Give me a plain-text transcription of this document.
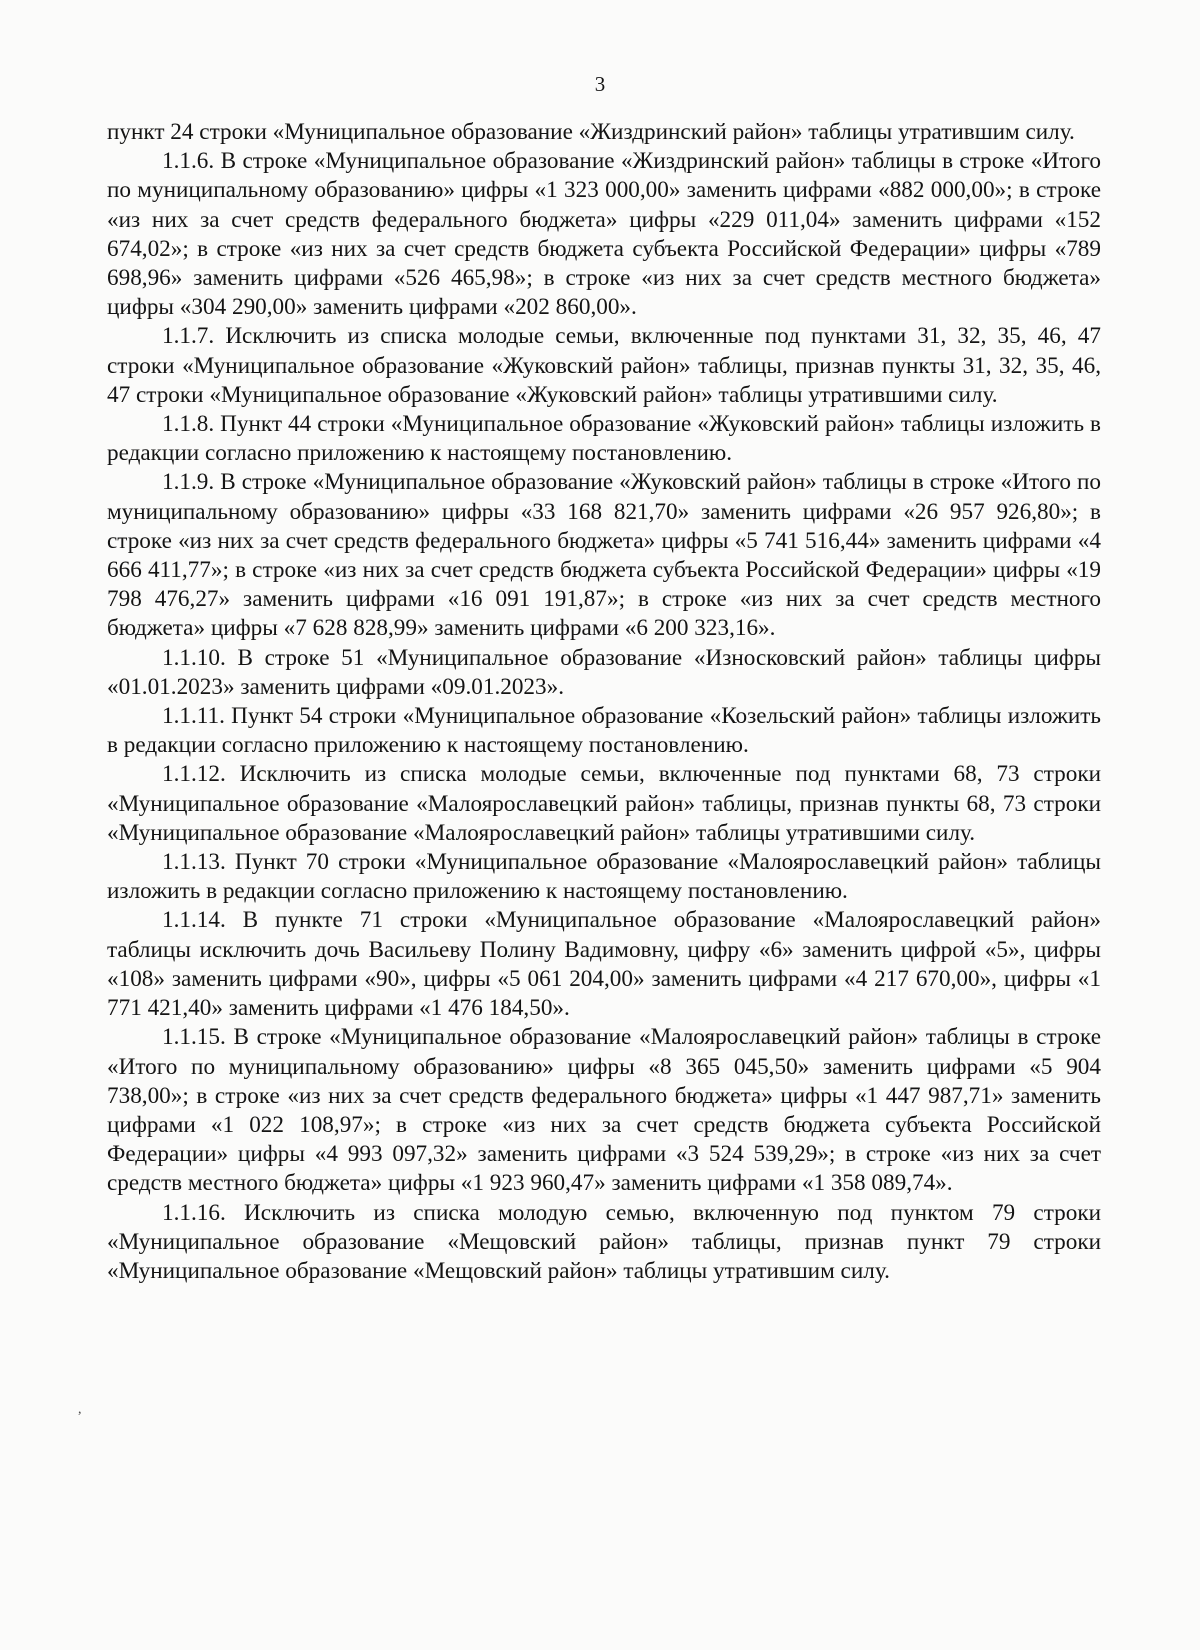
3

пункт 24 строки «Муниципальное образование «Жиздринский район» таблицы утратившим силу.

1.1.6. В строке «Муниципальное образование «Жиздринский район» таблицы в строке «Итого по муниципальному образованию» цифры «1 323 000,00» заменить цифрами «882 000,00»; в строке «из них за счет средств федерального бюджета» цифры «229 011,04» заменить цифрами «152 674,02»; в строке «из них за счет средств бюджета субъекта Российской Федерации» цифры «789 698,96» заменить цифрами «526 465,98»; в строке «из них за счет средств местного бюджета» цифры «304 290,00» заменить цифрами «202 860,00».

1.1.7. Исключить из списка молодые семьи, включенные под пунктами 31, 32, 35, 46, 47 строки «Муниципальное образование «Жуковский район» таблицы, признав пункты 31, 32, 35, 46, 47 строки «Муниципальное образование «Жуковский район» таблицы утратившими силу.

1.1.8. Пункт 44 строки «Муниципальное образование «Жуковский район» таблицы изложить в редакции согласно приложению к настоящему постановлению.

1.1.9. В строке «Муниципальное образование «Жуковский район» таблицы в строке «Итого по муниципальному образованию» цифры «33 168 821,70» заменить цифрами «26 957 926,80»; в строке «из них за счет средств федерального бюджета» цифры «5 741 516,44» заменить цифрами «4 666 411,77»; в строке «из них за счет средств бюджета субъекта Российской Федерации» цифры «19 798 476,27» заменить цифрами «16 091 191,87»; в строке «из них за счет средств местного бюджета» цифры «7 628 828,99» заменить цифрами «6 200 323,16».

1.1.10. В строке 51 «Муниципальное образование «Износковский район» таблицы цифры «01.01.2023» заменить цифрами «09.01.2023».

1.1.11. Пункт 54 строки «Муниципальное образование «Козельский район» таблицы изложить в редакции согласно приложению к настоящему постановлению.

1.1.12. Исключить из списка молодые семьи, включенные под пунктами 68, 73 строки «Муниципальное образование «Малоярославецкий район» таблицы, признав пункты 68, 73 строки «Муниципальное образование «Малоярославецкий район» таблицы утратившими силу.

1.1.13. Пункт 70 строки «Муниципальное образование «Малоярославецкий район» таблицы изложить в редакции согласно приложению к настоящему постановлению.

1.1.14. В пункте 71 строки «Муниципальное образование «Малоярославецкий район» таблицы исключить дочь Васильеву Полину Вадимовну, цифру «6» заменить цифрой «5», цифры «108» заменить цифрами «90», цифры «5 061 204,00» заменить цифрами «4 217 670,00», цифры «1 771 421,40» заменить цифрами «1 476 184,50».

1.1.15. В строке «Муниципальное образование «Малоярославецкий район» таблицы в строке «Итого по муниципальному образованию» цифры «8 365 045,50» заменить цифрами «5 904 738,00»; в строке «из них за счет средств федерального бюджета» цифры «1 447 987,71» заменить цифрами «1 022 108,97»; в строке «из них за счет средств бюджета субъекта Российской Федерации» цифры «4 993 097,32» заменить цифрами «3 524 539,29»; в строке «из них за счет средств местного бюджета» цифры «1 923 960,47» заменить цифрами «1 358 089,74».

1.1.16. Исключить из списка молодую семью, включенную под пунктом 79 строки «Муниципальное образование «Мещовский район» таблицы, признав пункт 79 строки «Муниципальное образование «Мещовский район» таблицы утратившим силу.

,
